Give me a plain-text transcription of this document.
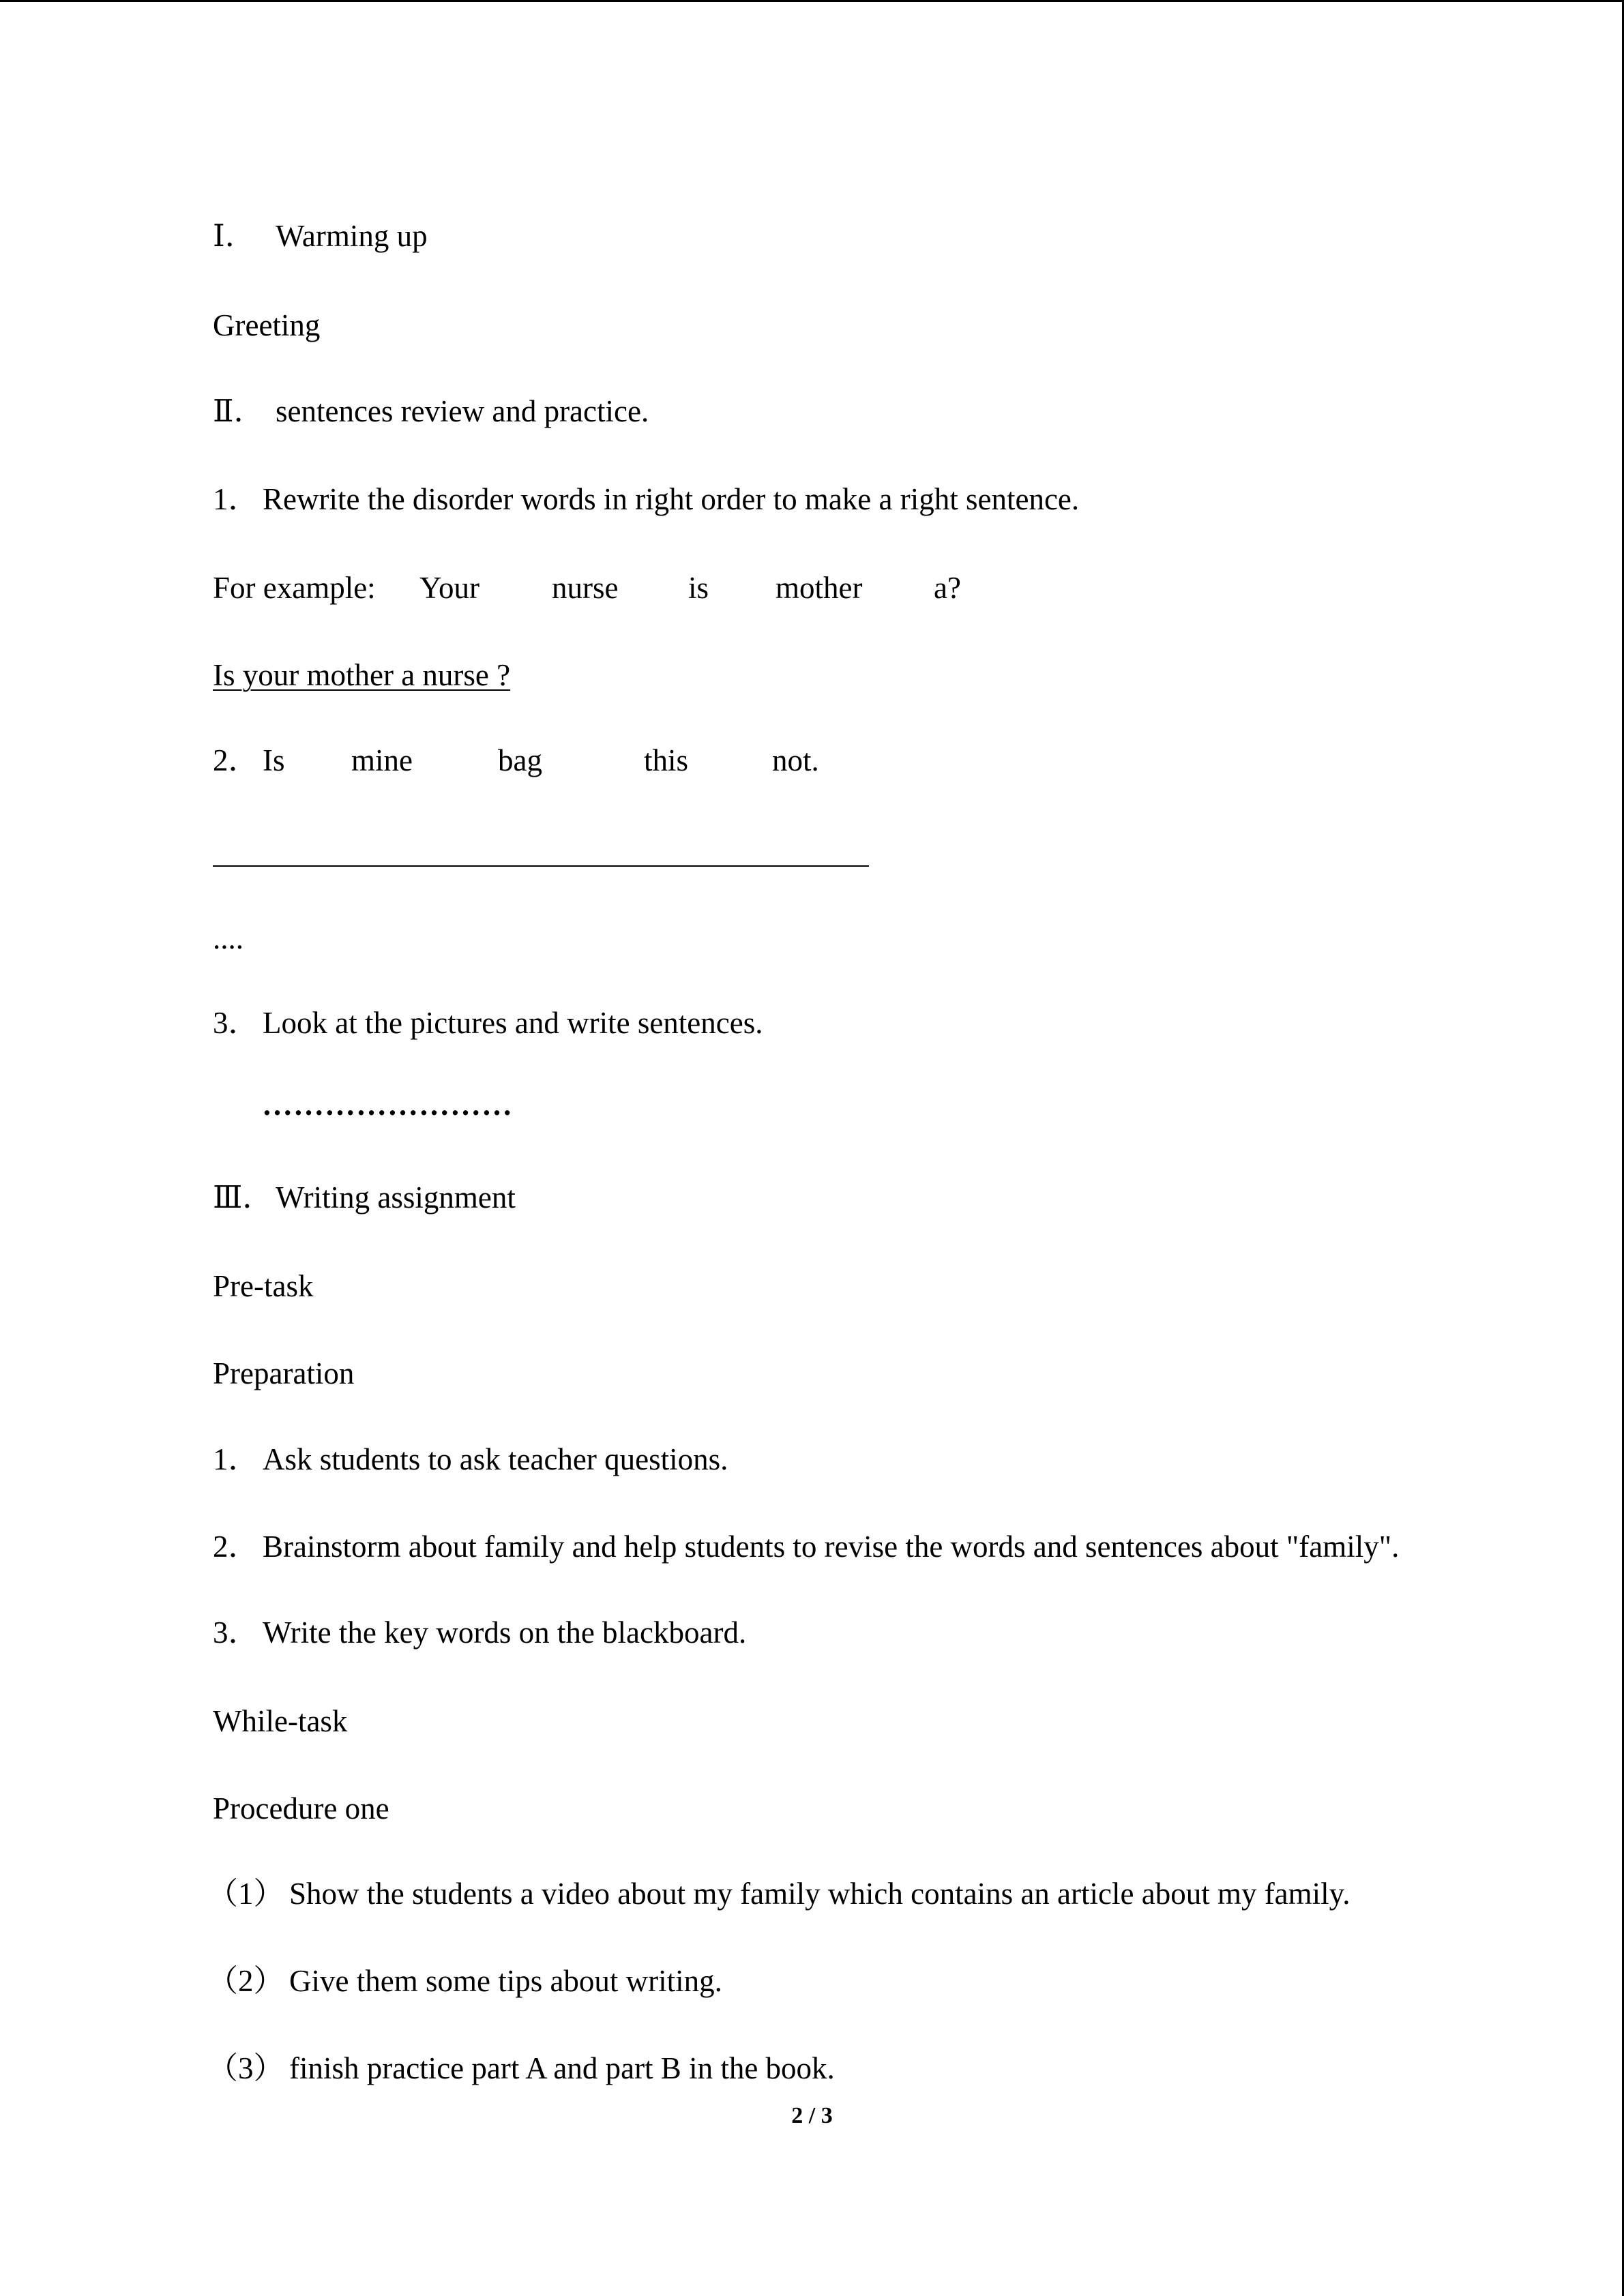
Ⅰ． Warming up
Greeting
Ⅱ． sentences review and practice.
1． Rewrite the disorder words in right order to make a right sentence.
For example: Your nurse is mother a?
Is your mother a nurse ?
2． Is mine	bag	this	not.
....
3． Look at the pictures and write sentences.
……………………
Ⅲ．Writing assignment
Pre-task
Preparation
1． Ask students to ask teacher questions.
2． Brainstorm about family and help students to revise the words and sentences about "family".
3． Write the key words on the blackboard.
While-task
Procedure one
（1） Show the students a video about my family which contains an article about my family.
（2） Give them some tips about writing.
（3） finish practice part A and part B in the book.
2 / 3
